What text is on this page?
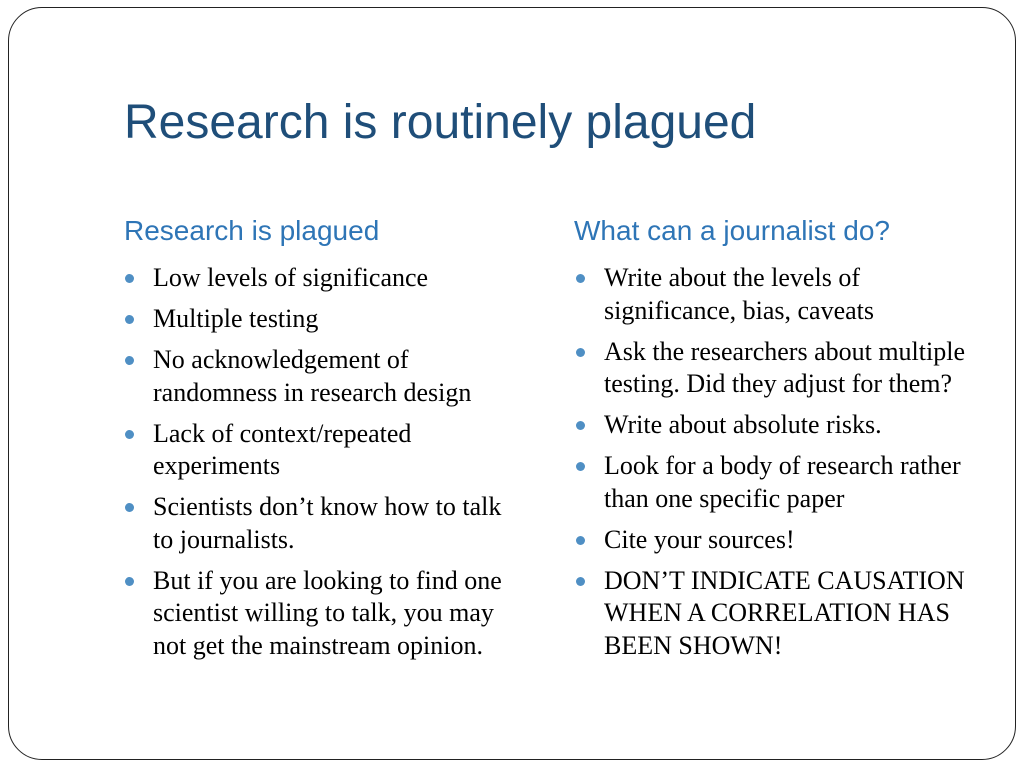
Research is routinely plagued
Research is plagued	What can a journalist do?
Low levels of significance
Multiple testing
No acknowledgement of randomness in research design
Lack of context/repeated experiments
Scientists don’t know how to talk to journalists.
But if you are looking to find one scientist willing to talk, you may not get the mainstream opinion.
Write about the levels of significance, bias, caveats
Ask the researchers about multiple testing. Did they adjust for them?
Write about absolute risks.
Look for a body of research rather than one specific paper
Cite your sources!
DON’T INDICATE CAUSATION WHEN A CORRELATION HAS BEEN SHOWN!
